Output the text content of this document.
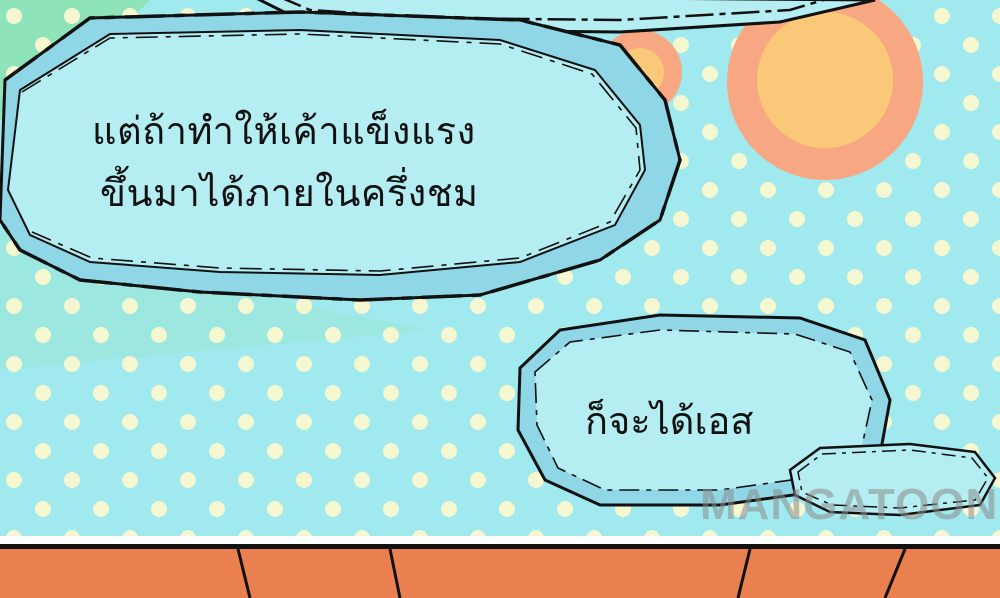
แต่ถ้าทำให้เค้าแข็งแรง
ขึ้นมาได้ภายในครึ่งชม
ก็จะได้เอส
MANGATOON
